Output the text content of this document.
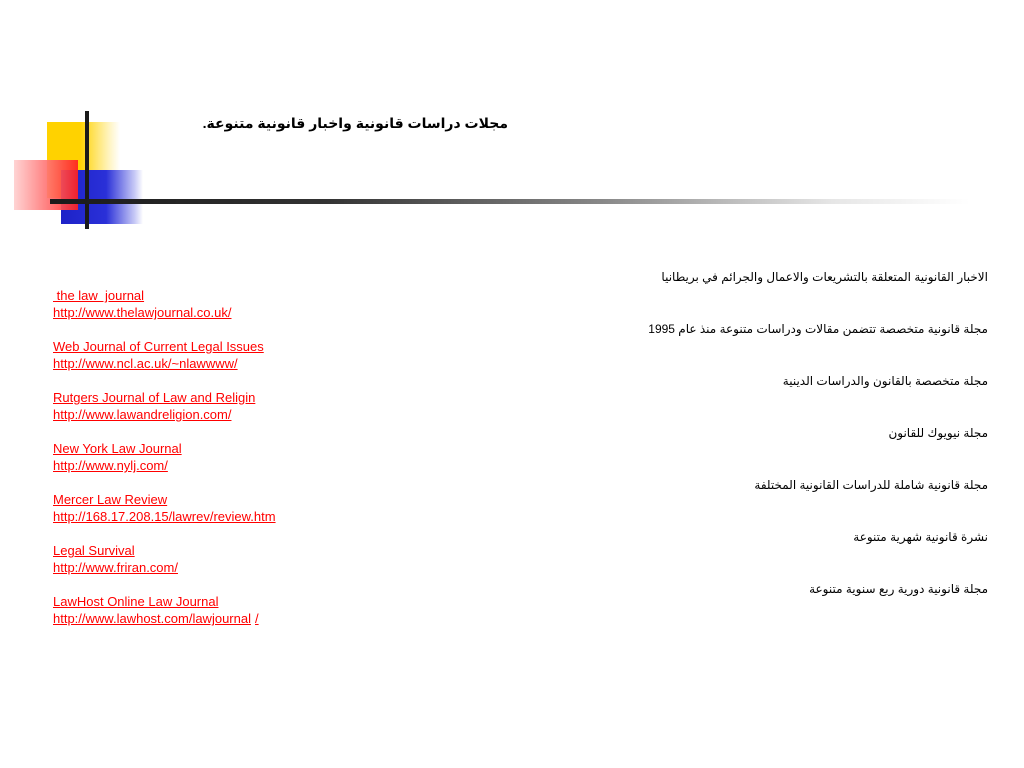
مجلات دراسات قانونية واخبار قانونية متنوعة.
the law  journal
http://www.thelawjournal.co.uk/
Web Journal of Current Legal Issues
http://www.ncl.ac.uk/~nlawwww/
Rutgers Journal of Law and Religin
http://www.lawandreligion.com/
New York Law Journal
http://www.nylj.com/
Mercer Law Review
http://168.17.208.15/lawrev/review.htm
Legal Survival
http://www.friran.com/
LawHost Online Law Journal
http://www.lawhost.com/lawjournal /
الاخبار القانونية المتعلقة بالتشريعات والاعمال والجرائم في بريطانيا
مجلة قانونية متخصصة تتضمن مقالات ودراسات متنوعة منذ عام 1995
مجلة متخصصة بالقانون والدراسات الدينية
مجلة نيويوك للقانون
مجلة قانونية شاملة للدراسات القانونية المختلفة
نشرة قانونية شهرية متنوعة
مجلة قانونية دورية ربع سنوية متنوعة
